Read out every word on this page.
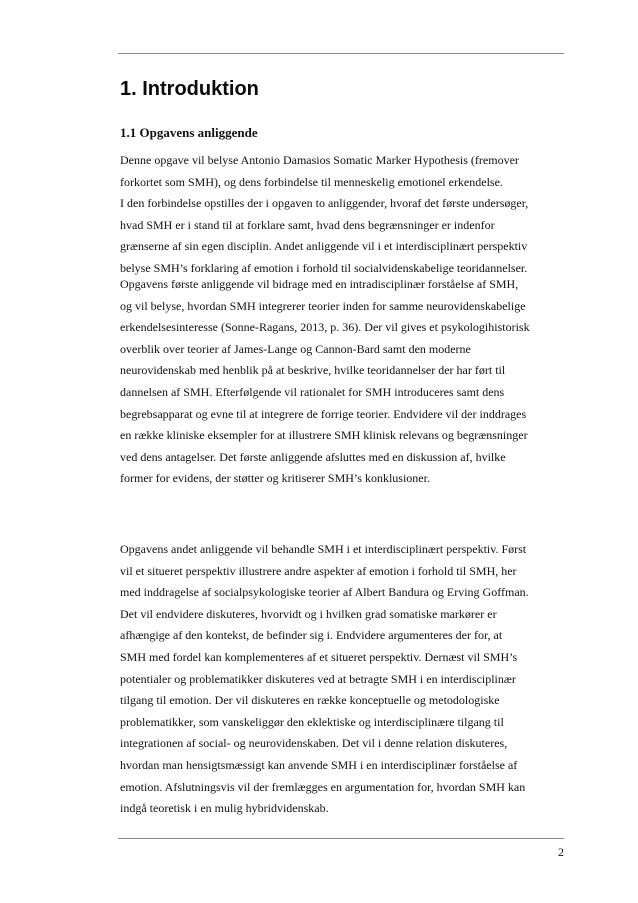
1. Introduktion
1.1 Opgavens anliggende

Denne opgave vil belyse Antonio Damasios Somatic Marker Hypothesis (fremover
forkortet som SMH), og dens forbindelse til menneskelig emotionel erkendelse.
I den forbindelse opstilles der i opgaven to anliggender, hvoraf det første undersøger,
hvad SMH er i stand til at forklare samt, hvad dens begrænsninger er indenfor
grænserne af sin egen disciplin. Andet anliggende vil i et interdisciplinært perspektiv
belyse SMH’s forklaring af emotion i forhold til socialvidenskabelige teoridannelser.

Opgavens første anliggende vil bidrage med en intradisciplinær forståelse af SMH,
og vil belyse, hvordan SMH integrerer teorier inden for samme neurovidenskabelige
erkendelsesinteresse (Sonne-Ragans, 2013, p. 36). Der vil gives et psykologihistorisk
overblik over teorier af James-Lange og Cannon-Bard samt den moderne
neurovidenskab med henblik på at beskrive, hvilke teoridannelser der har ført til
dannelsen af SMH. Efterfølgende vil rationalet for SMH introduceres samt dens
begrebsapparat og evne til at integrere de forrige teorier. Endvidere vil der inddrages
en række kliniske eksempler for at illustrere SMH klinisk relevans og begrænsninger
ved dens antagelser. Det første anliggende afsluttes med en diskussion af, hvilke
former for evidens, der støtter og kritiserer SMH’s konklusioner.

Opgavens andet anliggende vil behandle SMH i et interdisciplinært perspektiv. Først
vil et situeret perspektiv illustrere andre aspekter af emotion i forhold til SMH, her
med inddragelse af socialpsykologiske teorier af Albert Bandura og Erving Goffman.
Det vil endvidere diskuteres, hvorvidt og i hvilken grad somatiske markører er
afhængige af den kontekst, de befinder sig i. Endvidere argumenteres der for, at
SMH med fordel kan komplementeres af et situeret perspektiv. Dernæst vil SMH’s
potentialer og problematikker diskuteres ved at betragte SMH i en interdisciplinær
tilgang til emotion. Der vil diskuteres en række konceptuelle og metodologiske
problematikker, som vanskeliggør den eklektiske og interdisciplinære tilgang til
integrationen af social- og neurovidenskaben. Det vil i denne relation diskuteres,
hvordan man hensigtsmæssigt kan anvende SMH i en interdisciplinær forståelse af
emotion. Afslutningsvis vil der fremlægges en argumentation for, hvordan SMH kan
indgå teoretisk i en mulig hybridvidenskab.

2
